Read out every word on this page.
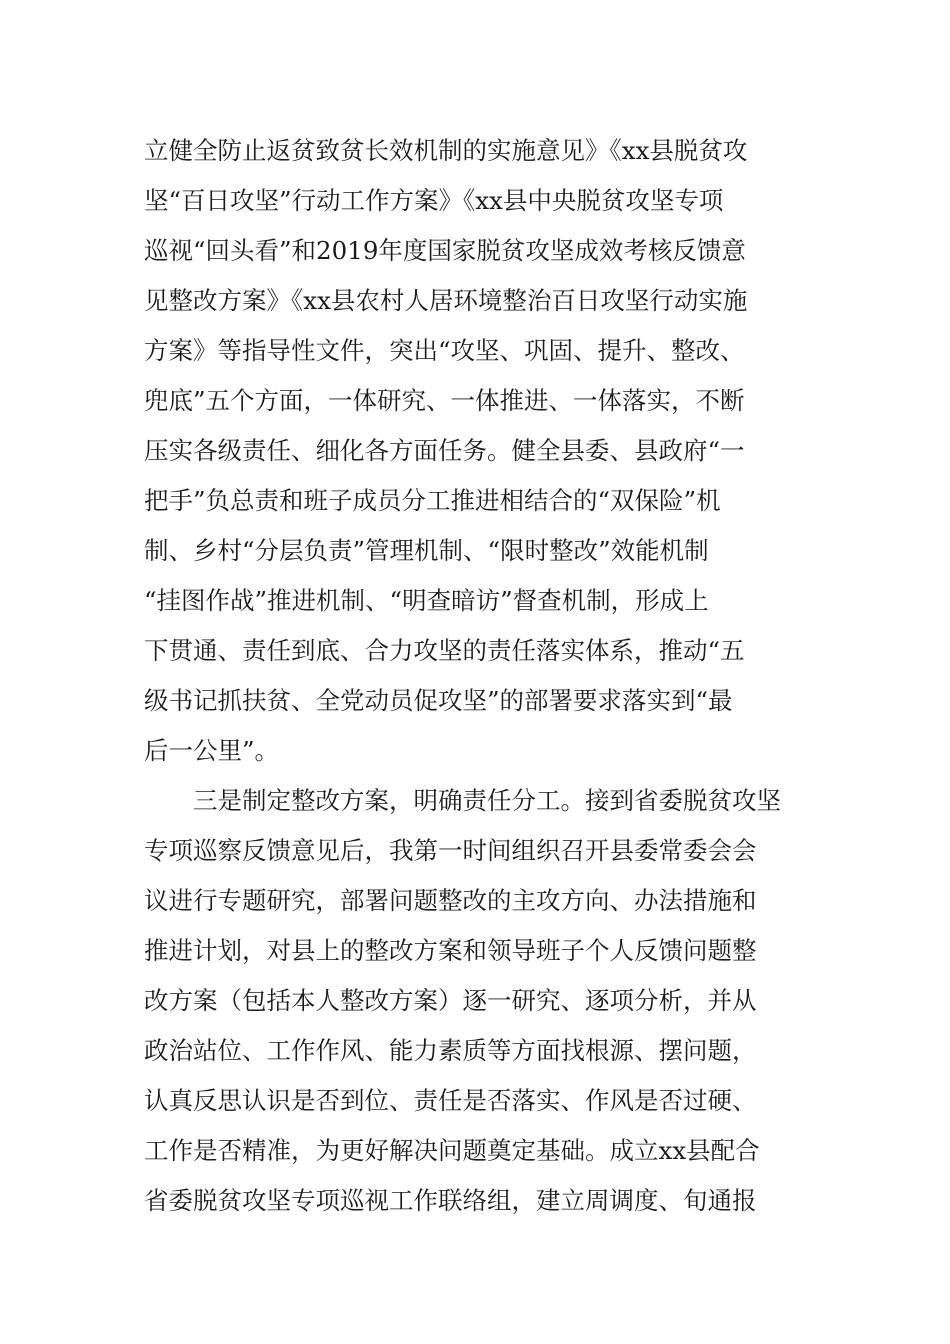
立健全防止返贫致贫长效机制的实施意见》《xx县脱贫攻
坚“百日攻坚”行动工作方案》《xx县中央脱贫攻坚专项
巡视“回头看”和2019年度国家脱贫攻坚成效考核反馈意
见整改方案》《xx县农村人居环境整治百日攻坚行动实施
方案》等指导性文件，突出“攻坚、巩固、提升、整改、
兜底”五个方面，一体研究、一体推进、一体落实，不断
压实各级责任、细化各方面任务。健全县委、县政府“一
把手”负总责和班子成员分工推进相结合的“双保险”机
制、乡村“分层负责”管理机制、“限时整改”效能机制
“挂图作战”推进机制、“明查暗访”督查机制，形成上
下贯通、责任到底、合力攻坚的责任落实体系，推动“五
级书记抓扶贫、全党动员促攻坚”的部署要求落实到“最
后一公里”。
三是制定整改方案，明确责任分工。接到省委脱贫攻坚
专项巡察反馈意见后，我第一时间组织召开县委常委会会
议进行专题研究，部署问题整改的主攻方向、办法措施和
推进计划，对县上的整改方案和领导班子个人反馈问题整
改方案（包括本人整改方案）逐一研究、逐项分析，并从
政治站位、工作作风、能力素质等方面找根源、摆问题，
认真反思认识是否到位、责任是否落实、作风是否过硬、
工作是否精准，为更好解决问题奠定基础。成立xx县配合
省委脱贫攻坚专项巡视工作联络组，建立周调度、旬通报
